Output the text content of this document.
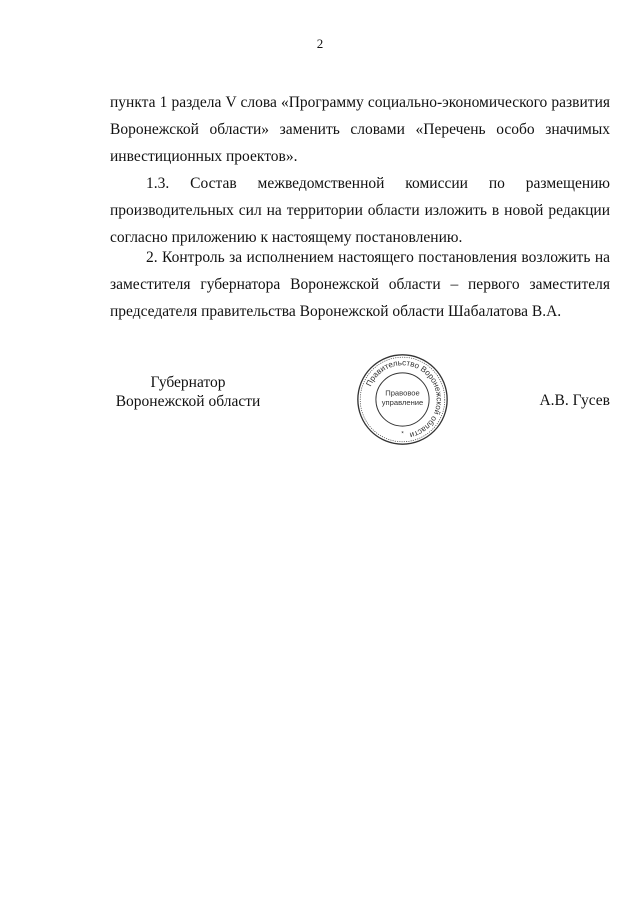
2

пункта 1 раздела V слова «Программу социально-экономического развития
Воронежской области» заменить словами «Перечень особо значимых
инвестиционных проектов».

1.3. Состав межведомственной комиссии по размещению
производительных сил на территории области изложить в новой редакции
согласно приложению к настоящему постановлению.

2. Контроль за исполнением настоящего постановления возложить на
заместителя губернатора Воронежской области – первого заместителя
председателя правительства Воронежской области Шабалатова В.А.

Губернатор
Воронежской области
Правительство Воронежской области
Правовое
управление
*
А.В. Гусев
